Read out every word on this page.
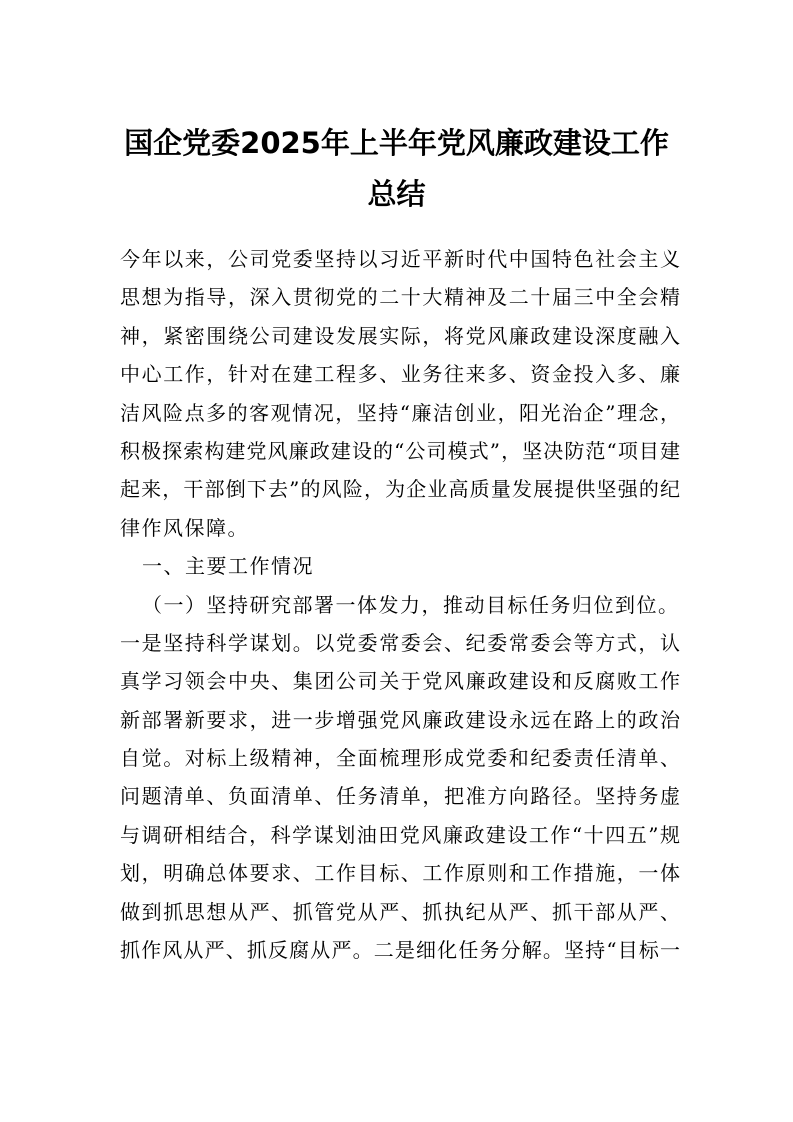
国企党委2025年上半年党风廉政建设工作
总结
今年以来，公司党委坚持以习近平新时代中国特色社会主义
思想为指导，深入贯彻党的二十大精神及二十届三中全会精
神，紧密围绕公司建设发展实际，将党风廉政建设深度融入
中心工作，针对在建工程多、业务往来多、资金投入多、廉
洁风险点多的客观情况，坚持“廉洁创业，阳光治企”理念，
积极探索构建党风廉政建设的“公司模式”，坚决防范“项目建
起来，干部倒下去”的风险，为企业高质量发展提供坚强的纪
律作风保障。
一、主要工作情况
（一）坚持研究部署一体发力，推动目标任务归位到位。
一是坚持科学谋划。以党委常委会、纪委常委会等方式，认
真学习领会中央、集团公司关于党风廉政建设和反腐败工作
新部署新要求，进一步增强党风廉政建设永远在路上的政治
自觉。对标上级精神，全面梳理形成党委和纪委责任清单、
问题清单、负面清单、任务清单，把准方向路径。坚持务虚
与调研相结合，科学谋划油田党风廉政建设工作“十四五”规
划，明确总体要求、工作目标、工作原则和工作措施，一体
做到抓思想从严、抓管党从严、抓执纪从严、抓干部从严、
抓作风从严、抓反腐从严。二是细化任务分解。坚持“目标一
